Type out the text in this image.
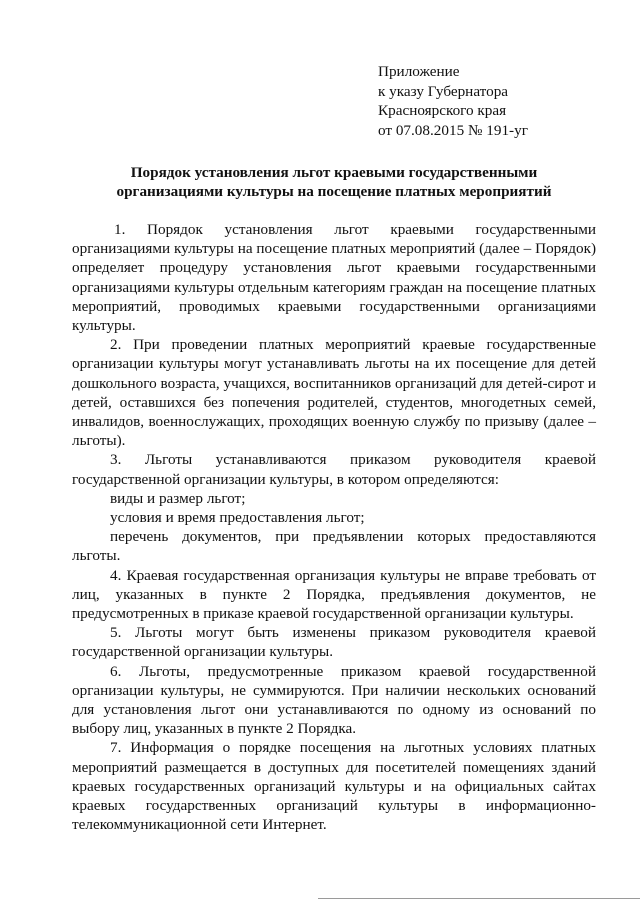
Приложение
к указу Губернатора
Красноярского края
от 07.08.2015 № 191-уг
Порядок установления льгот краевыми государственными
организациями культуры на посещение платных мероприятий

1. Порядок установления льгот краевыми государственными организациями культуры на посещение платных мероприятий (далее – Порядок) определяет процедуру установления льгот краевыми государственными организациями культуры отдельным категориям граждан на посещение платных мероприятий, проводимых краевыми государственными организациями культуры.

2. При проведении платных мероприятий краевые государственные организации культуры могут устанавливать льготы на их посещение для детей дошкольного возраста, учащихся, воспитанников организаций для детей-сирот и детей, оставшихся без попечения родителей, студентов, многодетных семей, инвалидов, военнослужащих, проходящих военную службу по призыву (далее – льготы).

3. Льготы устанавливаются приказом руководителя краевой государственной организации культуры, в котором определяются:

виды и размер льгот;

условия и время предоставления льгот;

перечень документов, при предъявлении которых предоставляются льготы.

4. Краевая государственная организация культуры не вправе требовать от лиц, указанных в пункте 2 Порядка, предъявления документов, не предусмотренных в приказе краевой государственной организации культуры.

5. Льготы могут быть изменены приказом руководителя краевой государственной организации культуры.

6. Льготы, предусмотренные приказом краевой государственной организации культуры, не суммируются. При наличии нескольких оснований для установления льгот они устанавливаются по одному из оснований по выбору лиц, указанных в пункте 2 Порядка.

7. Информация о порядке посещения на льготных условиях платных мероприятий размещается в доступных для посетителей помещениях зданий краевых государственных организаций культуры и на официальных сайтах краевых государственных организаций культуры в информационно-телекоммуникационной сети Интернет.
